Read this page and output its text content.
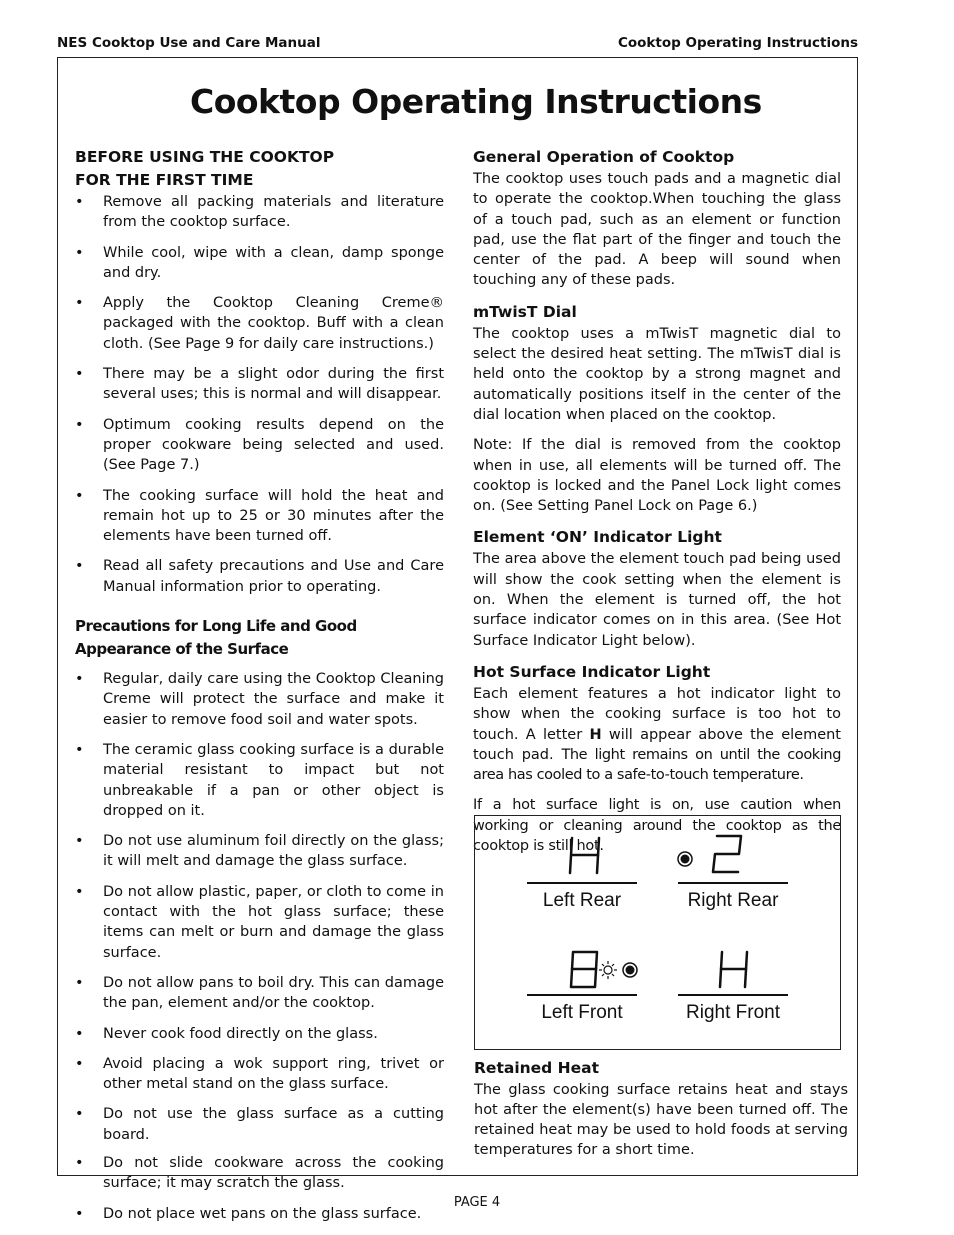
NES Cooktop Use and Care Manual	Cooktop Operating Instructions
Cooktop Operating Instructions
BEFORE USING THE COOKTOP
FOR THE FIRST TIME
• Remove all packing materials and literature from the cooktop surface.
• While cool, wipe with a clean, damp sponge and dry.
• Apply the Cooktop Cleaning Creme® packaged with the cooktop. Buff with a clean cloth. (See Page 9 for daily care instructions.)
• There may be a slight odor during the first several uses; this is normal and will disappear.
• Optimum cooking results depend on the proper cookware being selected and used. (See Page 7.)
• The cooking surface will hold the heat and remain hot up to 25 or 30 minutes after the elements have been turned off.
• Read all safety precautions and Use and Care Manual information prior to operating.
Precautions for Long Life and Good Appearance of the Surface
• Regular, daily care using the Cooktop Cleaning Creme will protect the surface and make it easier to remove food soil and water spots.
• The ceramic glass cooking surface is a durable material resistant to impact but not unbreakable if a pan or other object is dropped on it.
• Do not use aluminum foil directly on the glass; it will melt and damage the glass surface.
• Do not allow plastic, paper, or cloth to come in contact with the hot glass surface; these items can melt or burn and damage the glass surface.
• Do not allow pans to boil dry. This can damage the pan, element and/or the cooktop.
• Never cook food directly on the glass.
• Avoid placing a wok support ring, trivet or other metal stand on the glass surface.
• Do not use the glass surface as a cutting board.
• Do not slide cookware across the cooking surface; it may scratch the glass.
• Do not place wet pans on the glass surface.
General Operation of Cooktop

The cooktop uses touch pads and a magnetic dial to operate the cooktop.When touching the glass of a touch pad, such as an element or function pad, use the flat part of the finger and touch the center of the pad. A beep will sound when touching any of these pads.

mTwisT Dial

The cooktop uses a mTwisT magnetic dial to select the desired heat setting. The mTwisT dial is held onto the cooktop by a strong magnet and automatically positions itself in the center of the dial location when placed on the cooktop.

Note: If the dial is removed from the cooktop when in use, all elements will be turned off. The cooktop is locked and the Panel Lock light comes on. (See Setting Panel Lock on Page 6.)

Element ‘ON’ Indicator Light

The area above the element touch pad being used will show the cook setting when the element is on. When the element is turned off, the hot surface indicator comes on in this area. (See Hot Surface Indicator Light below).

Hot Surface Indicator Light

Each element features a hot indicator light to show when the cooking surface is too hot to touch. A letter H will appear above the element touch pad. The light remains on until the cooking area has cooled to a safe-to-touch temperature.

If a hot surface light is on, use caution when working or cleaning around the cooktop as the cooktop is still hot.

Left Rear	Right Rear
Left Front	Right Front
Retained Heat

The glass cooking surface retains heat and stays hot after the element(s) have been turned off. The retained heat may be used to hold foods at serving temperatures for a short time.

PAGE 4
